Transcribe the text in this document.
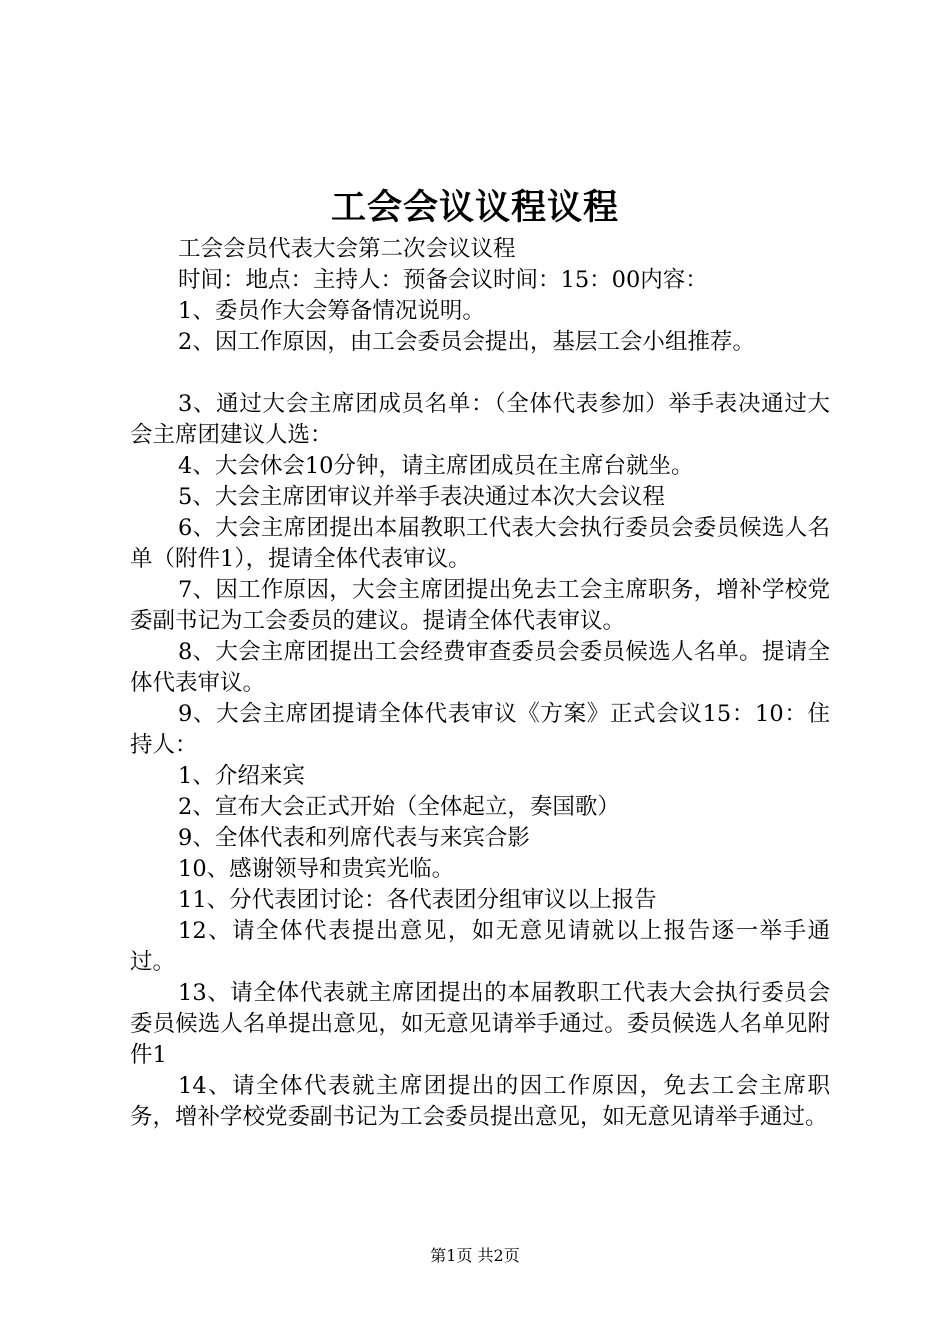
工会会议议程议程

工会会员代表大会第二次会议议程

时间：地点：主持人：预备会议时间：15：00内容：

1、委员作大会筹备情况说明。

2、因工作原因，由工会委员会提出，基层工会小组推荐。

3、通过大会主席团成员名单：（全体代表参加）举手表决通过大会主席团建议人选：

4、大会休会10分钟，请主席团成员在主席台就坐。

5、大会主席团审议并举手表决通过本次大会议程

6、大会主席团提出本届教职工代表大会执行委员会委员候选人名单（附件1），提请全体代表审议。

7、因工作原因，大会主席团提出免去工会主席职务，增补学校党委副书记为工会委员的建议。提请全体代表审议。

8、大会主席团提出工会经费审查委员会委员候选人名单。提请全体代表审议。

9、大会主席团提请全体代表审议《方案》正式会议15：10：住持人：

1、介绍来宾

2、宣布大会正式开始（全体起立，奏国歌）

9、全体代表和列席代表与来宾合影

10、感谢领导和贵宾光临。

11、分代表团讨论：各代表团分组审议以上报告

12、请全体代表提出意见，如无意见请就以上报告逐一举手通过。

13、请全体代表就主席团提出的本届教职工代表大会执行委员会委员候选人名单提出意见，如无意见请举手通过。委员候选人名单见附件1

14、请全体代表就主席团提出的因工作原因，免去工会主席职务，增补学校党委副书记为工会委员提出意见，如无意见请举手通过。

第1页 共2页
